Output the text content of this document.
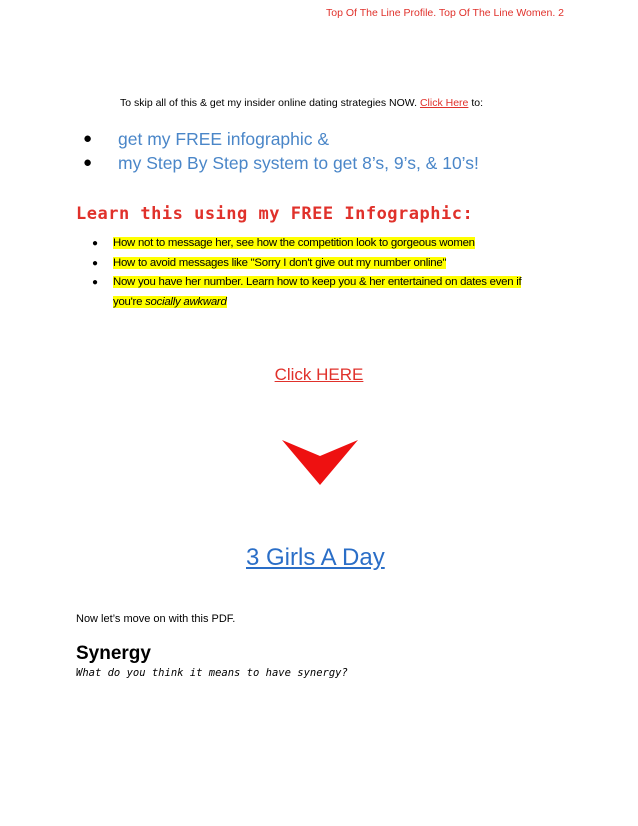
Top Of The Line Profile. Top Of The Line Women. 2
To skip all of this & get my insider online dating strategies NOW. Click Here to:
● get my FREE infographic &
● my Step By Step system to get 8’s, 9’s, & 10’s!
Learn this using my FREE Infographic:
● How not to message her, see how the competition look to gorgeous women
● How to avoid messages like "Sorry I don't give out my number online"
● Now you have her number. Learn how to keep you & her entertained on dates even if you're socially awkward
Click HERE
3 Girls A Day
Now let’s move on with this PDF.
Synergy
What do you think it means to have synergy?
